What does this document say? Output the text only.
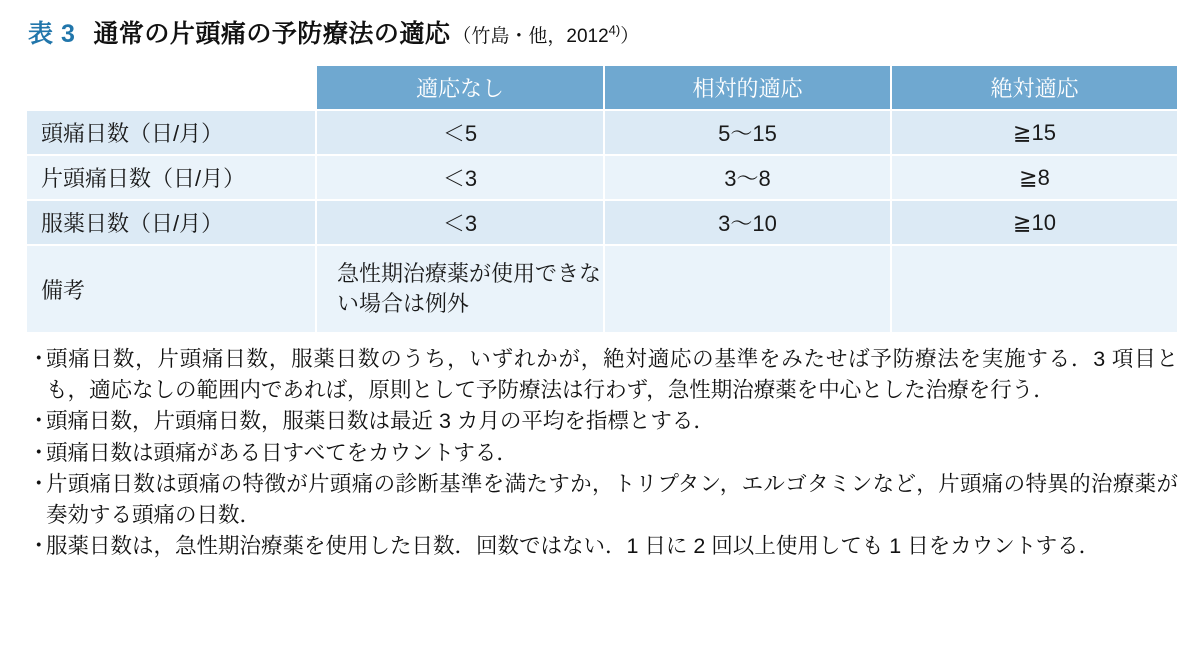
表 3 通常の片頭痛の予防療法の適応 （竹島・他，2012$^{4)}$）
	適応なし	相対的適応	絶対適応
頭痛日数（日/月）	＜5	5〜15	≧15
片頭痛日数（日/月）	＜3	3〜8	≧8
服薬日数（日/月）	＜3	3〜10	≧10
備考	急性期治療薬が使用できない場合は例外		
・
頭痛日数，片頭痛日数，服薬日数のうち，いずれかが，絶対適応の基準をみたせば予防療法を実施する．3 項目とも，適応なしの範囲内であれば，原則として予防療法は行わず，急性期治療薬を中心とした治療を行う．
・
頭痛日数，片頭痛日数，服薬日数は最近 3 カ月の平均を指標とする．
・
頭痛日数は頭痛がある日すべてをカウントする．
・
片頭痛日数は頭痛の特徴が片頭痛の診断基準を満たすか，トリプタン，エルゴタミンなど，片頭痛の特異的治療薬が奏効する頭痛の日数．
・
服薬日数は，急性期治療薬を使用した日数．回数ではない．1 日に 2 回以上使用しても 1 日をカウントする．
